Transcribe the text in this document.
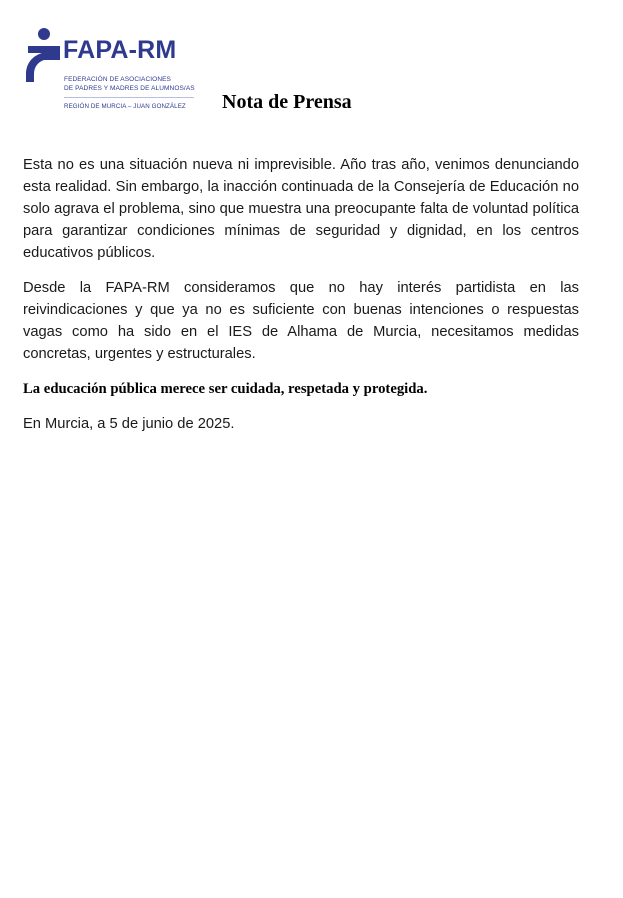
FAPA-RM
FEDERACIÓN DE ASOCIACIONES
DE PADRES Y MADRES DE ALUMNOS/AS
REGIÓN DE MURCIA – JUAN GONZÁLEZ Nota de Prensa

Esta no es una situación nueva ni imprevisible. Año tras año, venimos denunciando esta realidad. Sin embargo, la inacción continuada de la Consejería de Educación no solo agrava el problema, sino que muestra una preocupante falta de voluntad política para garantizar condiciones mínimas de seguridad y dignidad, en los centros educativos públicos.

Desde la FAPA-RM consideramos que no hay interés partidista en las reivindicaciones y que ya no es suficiente con buenas intenciones o respuestas vagas como ha sido en el IES de Alhama de Murcia, necesitamos medidas concretas, urgentes y estructurales.

La educación pública merece ser cuidada, respetada y protegida.

En Murcia, a 5 de junio de 2025.
